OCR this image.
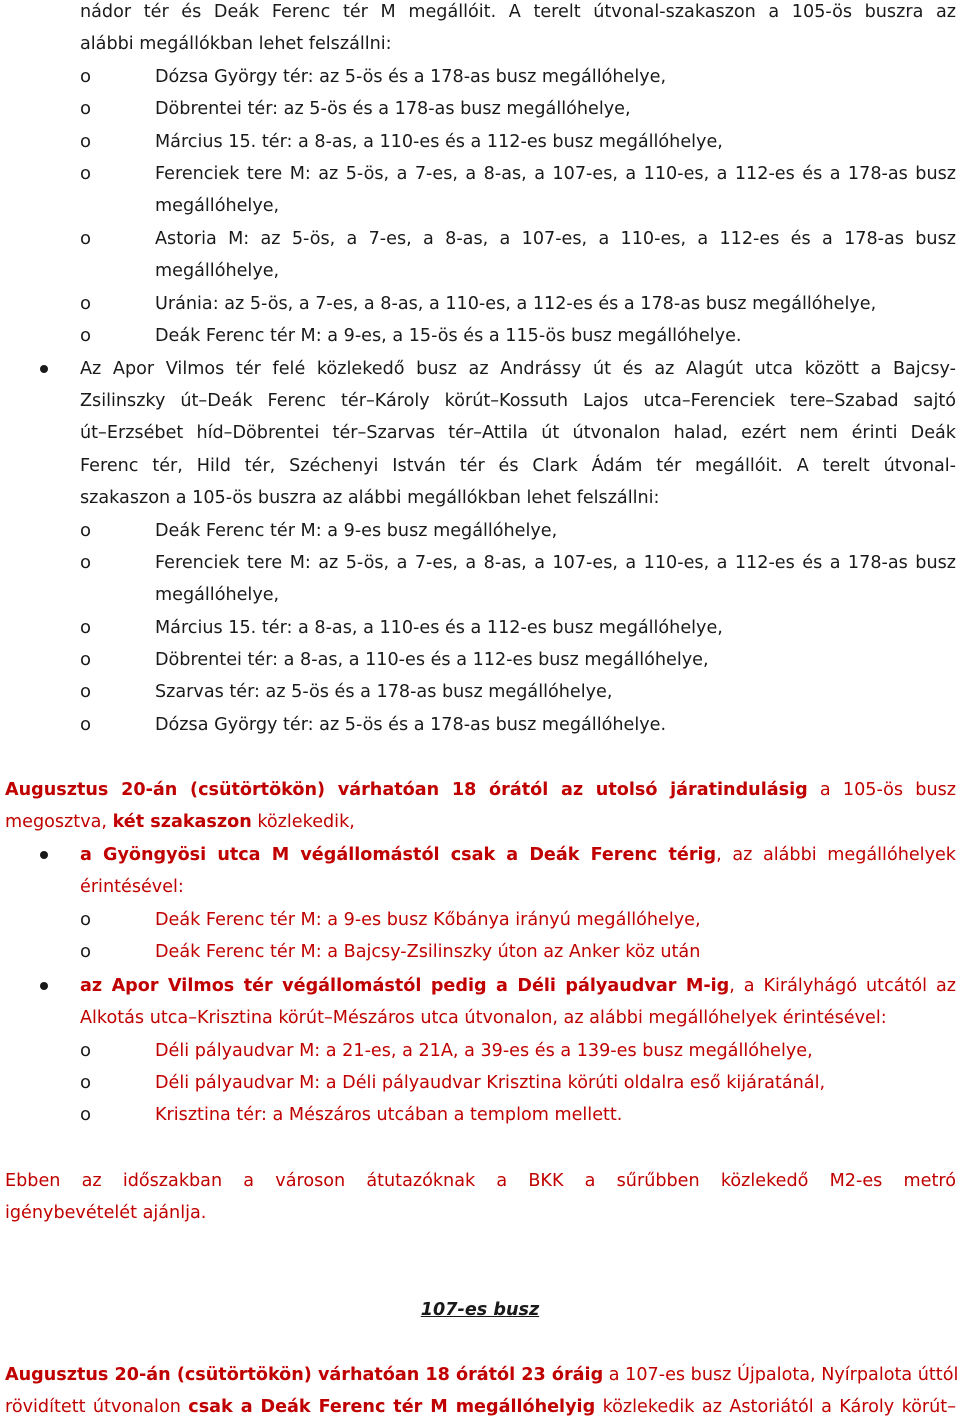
nádor tér és Deák Ferenc tér M megállóit. A terelt útvonal-szakaszon a 105-ös buszra az
alábbi megállókban lehet felszállni:
o	Dózsa György tér: az 5-ös és a 178-as busz megállóhelye,
o	Döbrentei tér: az 5-ös és a 178-as busz megállóhelye,
o	Március 15. tér: a 8-as, a 110-es és a 112-es busz megállóhelye,
o	Ferenciek tere M: az 5-ös, a 7-es, a 8-as, a 107-es, a 110-es, a 112-es és a 178-as busz
megállóhelye,
o	Astoria M: az 5-ös, a 7-es, a 8-as, a 107-es, a 110-es, a 112-es és a 178-as busz
megállóhelye,
o	Uránia: az 5-ös, a 7-es, a 8-as, a 110-es, a 112-es és a 178-as busz megállóhelye,
o	Deák Ferenc tér M: a 9-es, a 15-ös és a 115-ös busz megállóhelye.
Az Apor Vilmos tér felé közlekedő busz az Andrássy út és az Alagút utca között a Bajcsy-
Zsilinszky út–Deák Ferenc tér–Károly körút–Kossuth Lajos utca–Ferenciek tere–Szabad sajtó
út–Erzsébet híd–Döbrentei tér–Szarvas tér–Attila út útvonalon halad, ezért nem érinti Deák
Ferenc tér, Hild tér, Széchenyi István tér és Clark Ádám tér megállóit. A terelt útvonal-
szakaszon a 105-ös buszra az alábbi megállókban lehet felszállni:
o	Deák Ferenc tér M: a 9-es busz megállóhelye,
o	Ferenciek tere M: az 5-ös, a 7-es, a 8-as, a 107-es, a 110-es, a 112-es és a 178-as busz
megállóhelye,
o	Március 15. tér: a 8-as, a 110-es és a 112-es busz megállóhelye,
o	Döbrentei tér: a 8-as, a 110-es és a 112-es busz megállóhelye,
o	Szarvas tér: az 5-ös és a 178-as busz megállóhelye,
o	Dózsa György tér: az 5-ös és a 178-as busz megállóhelye.
Augusztus 20-án (csütörtökön) várhatóan 18 órától az utolsó járatindulásig a 105-ös busz
megosztva, két szakaszon közlekedik,
a Gyöngyösi utca M végállomástól csak a Deák Ferenc térig, az alábbi megállóhelyek
érintésével:
o	Deák Ferenc tér M: a 9-es busz Kőbánya irányú megállóhelye,
o	Deák Ferenc tér M: a Bajcsy-Zsilinszky úton az Anker köz után
az Apor Vilmos tér végállomástól pedig a Déli pályaudvar M-ig, a Királyhágó utcától az
Alkotás utca–Krisztina körút–Mészáros utca útvonalon, az alábbi megállóhelyek érintésével:
o	Déli pályaudvar M: a 21-es, a 21A, a 39-es és a 139-es busz megállóhelye,
o	Déli pályaudvar M: a Déli pályaudvar Krisztina körúti oldalra eső kijáratánál,
o	Krisztina tér: a Mészáros utcában a templom mellett.
Ebben az időszakban a városon átutazóknak a BKK a sűrűbben közlekedő M2-es metró
igénybevételét ajánlja.
107-es busz
Augusztus 20-án (csütörtökön) várhatóan 18 órától 23 óráig a 107-es busz Újpalota, Nyírpalota úttól
rövidített útvonalon csak a Deák Ferenc tér M megállóhelyig közlekedik az Astoriától a Károly körút–
